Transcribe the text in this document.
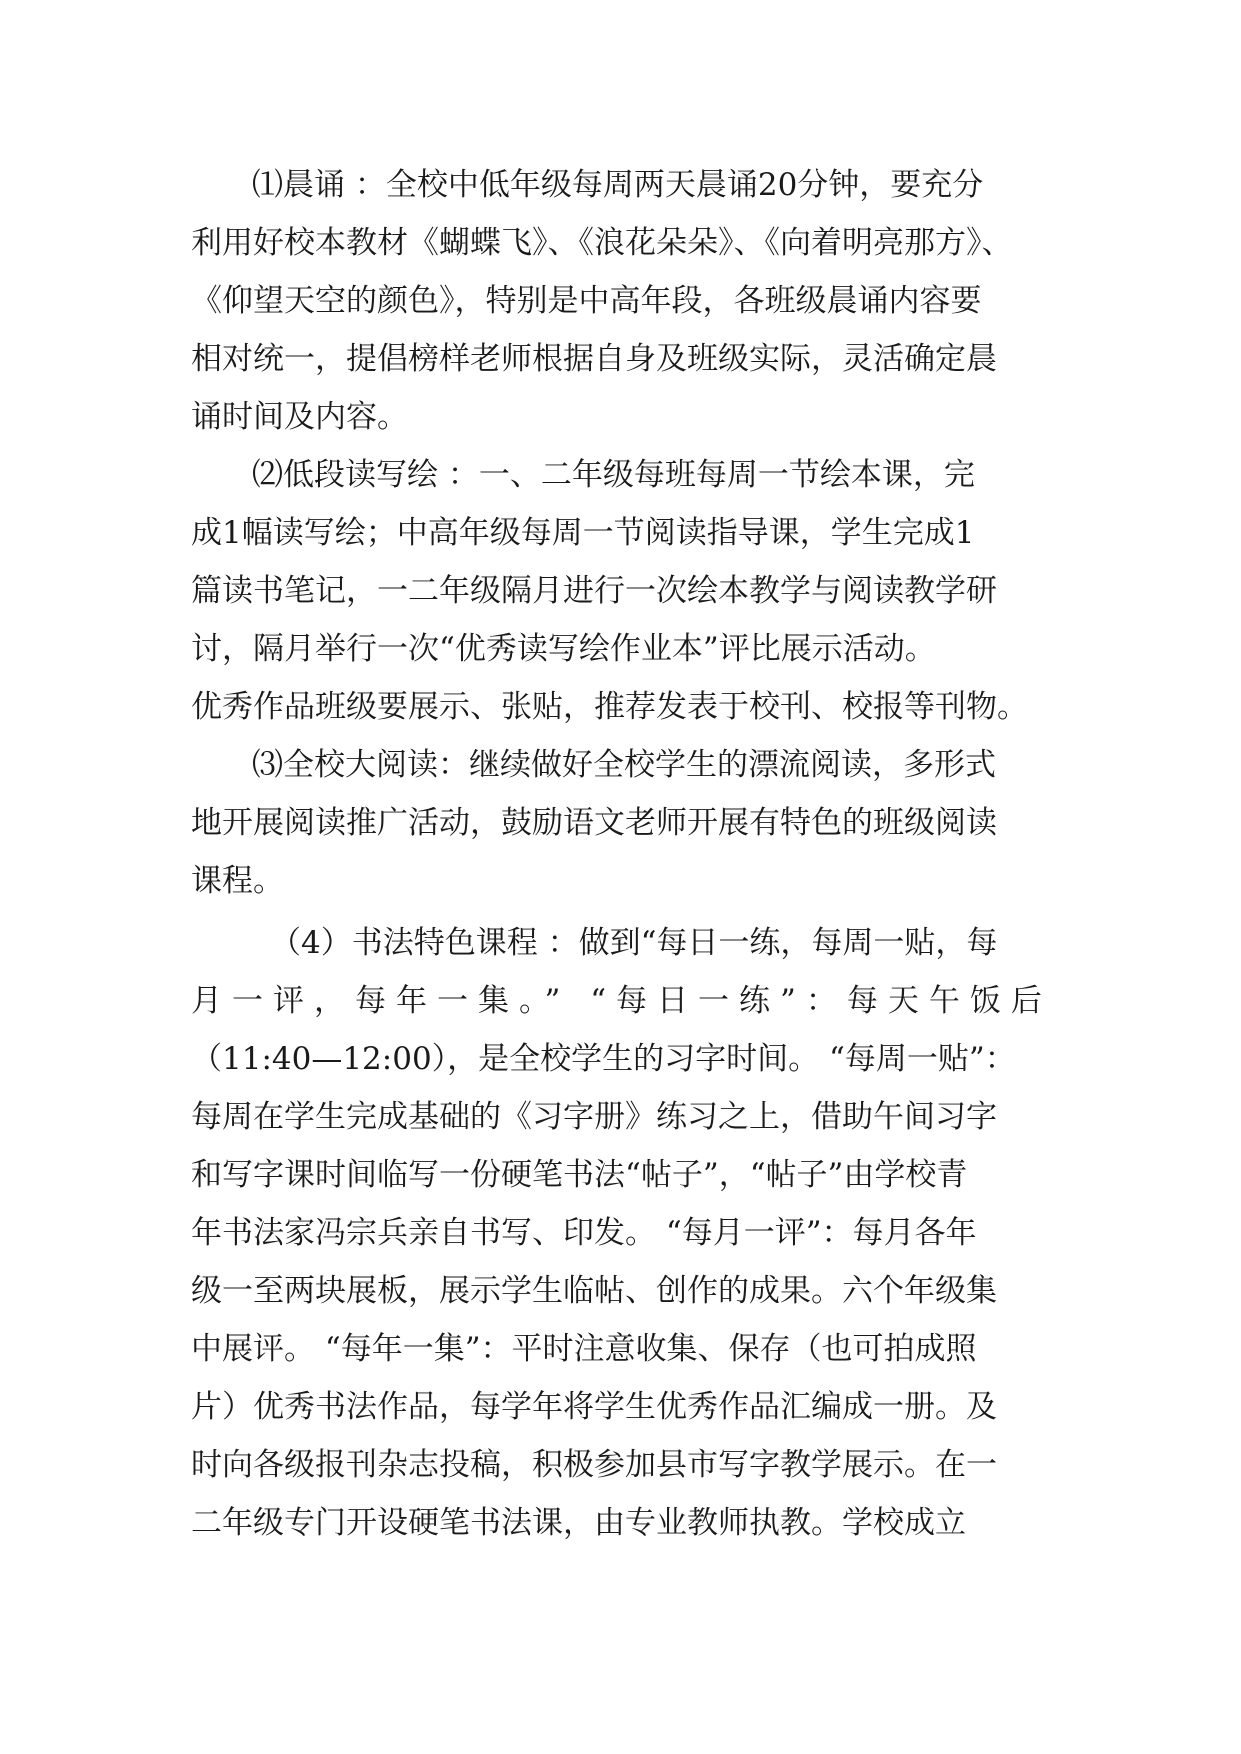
⑴晨诵 ：全校中低年级每周两天晨诵20分钟，要充分
利用好校本教材《蝴蝶飞》、《浪花朵朵》、《向着明亮那方》、
《仰望天空的颜色》，特别是中高年段，各班级晨诵内容要
相对统一，提倡榜样老师根据自身及班级实际，灵活确定晨
诵时间及内容。
⑵低段读写绘 ：一、二年级每班每周一节绘本课，完
成1幅读写绘；中高年级每周一节阅读指导课，学生完成1
篇读书笔记，一二年级隔月进行一次绘本教学与阅读教学研
讨，隔月举行一次“优秀读写绘作业本”评比展示活动。
优秀作品班级要展示、张贴，推荐发表于校刊、校报等刊物。
⑶全校大阅读：继续做好全校学生的漂流阅读，多形式
地开展阅读推广活动，鼓励语文老师开展有特色的班级阅读
课程。
（4）书法特色课程 ：做到“每日一练，每周一贴，每
月一评，每年一集。” “每日一练”：每天午饭后
（11:40—12:00），是全校学生的习字时间。 “每周一贴”：
每周在学生完成基础的《习字册》练习之上，借助午间习字
和写字课时间临写一份硬笔书法“帖子”，“帖子”由学校青
年书法家冯宗兵亲自书写、印发。 “每月一评”：每月各年
级一至两块展板，展示学生临帖、创作的成果。六个年级集
中展评。 “每年一集”：平时注意收集、保存（也可拍成照
片）优秀书法作品，每学年将学生优秀作品汇编成一册。及
时向各级报刊杂志投稿，积极参加县市写字教学展示。在一
二年级专门开设硬笔书法课，由专业教师执教。学校成立
